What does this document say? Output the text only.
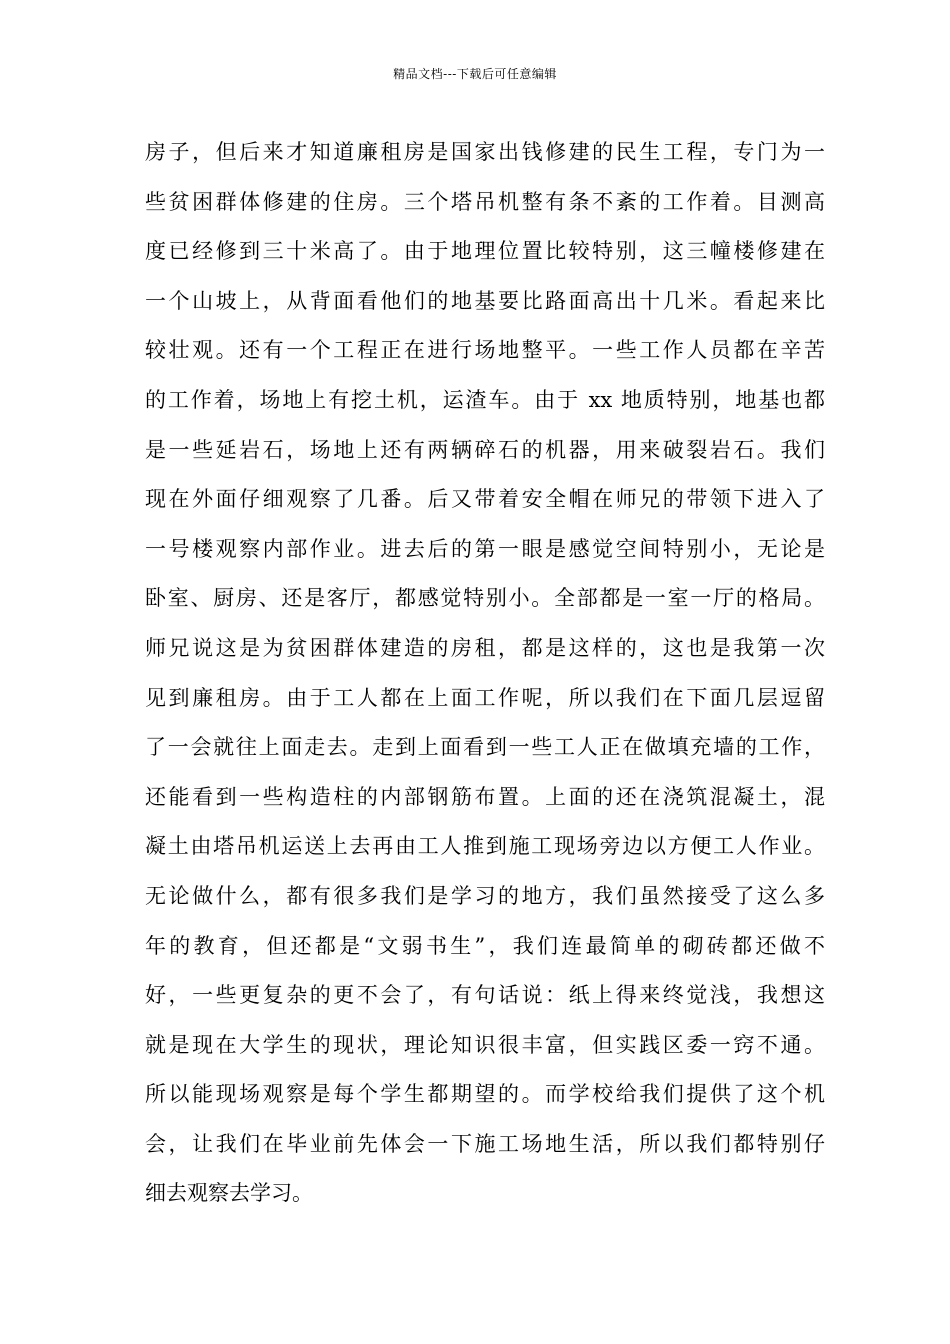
精品文档---下载后可任意编辑
房子，但后来才知道廉租房是国家出钱修建的民生工程，专门为一
些贫困群体修建的住房。三个塔吊机整有条不紊的工作着。目测高
度已经修到三十米高了。由于地理位置比较特别，这三幢楼修建在
一个山坡上，从背面看他们的地基要比路面高出十几米。看起来比
较壮观。还有一个工程正在进行场地整平。一些工作人员都在辛苦
的工作着，场地上有挖土机，运渣车。由于 xx 地质特别，地基也都
是一些延岩石，场地上还有两辆碎石的机器，用来破裂岩石。我们
现在外面仔细观察了几番。后又带着安全帽在师兄的带领下进入了
一号楼观察内部作业。进去后的第一眼是感觉空间特别小，无论是
卧室、厨房、还是客厅，都感觉特别小。全部都是一室一厅的格局。
师兄说这是为贫困群体建造的房租，都是这样的，这也是我第一次
见到廉租房。由于工人都在上面工作呢，所以我们在下面几层逗留
了一会就往上面走去。走到上面看到一些工人正在做填充墙的工作，
还能看到一些构造柱的内部钢筋布置。上面的还在浇筑混凝土，混
凝土由塔吊机运送上去再由工人推到施工现场旁边以方便工人作业。
无论做什么，都有很多我们是学习的地方，我们虽然接受了这么多
年的教育，但还都是“文弱书生”，我们连最简单的砌砖都还做不
好，一些更复杂的更不会了，有句话说：纸上得来终觉浅，我想这
就是现在大学生的现状，理论知识很丰富，但实践区委一窍不通。
所以能现场观察是每个学生都期望的。而学校给我们提供了这个机
会，让我们在毕业前先体会一下施工场地生活，所以我们都特别仔
细去观察去学习。
